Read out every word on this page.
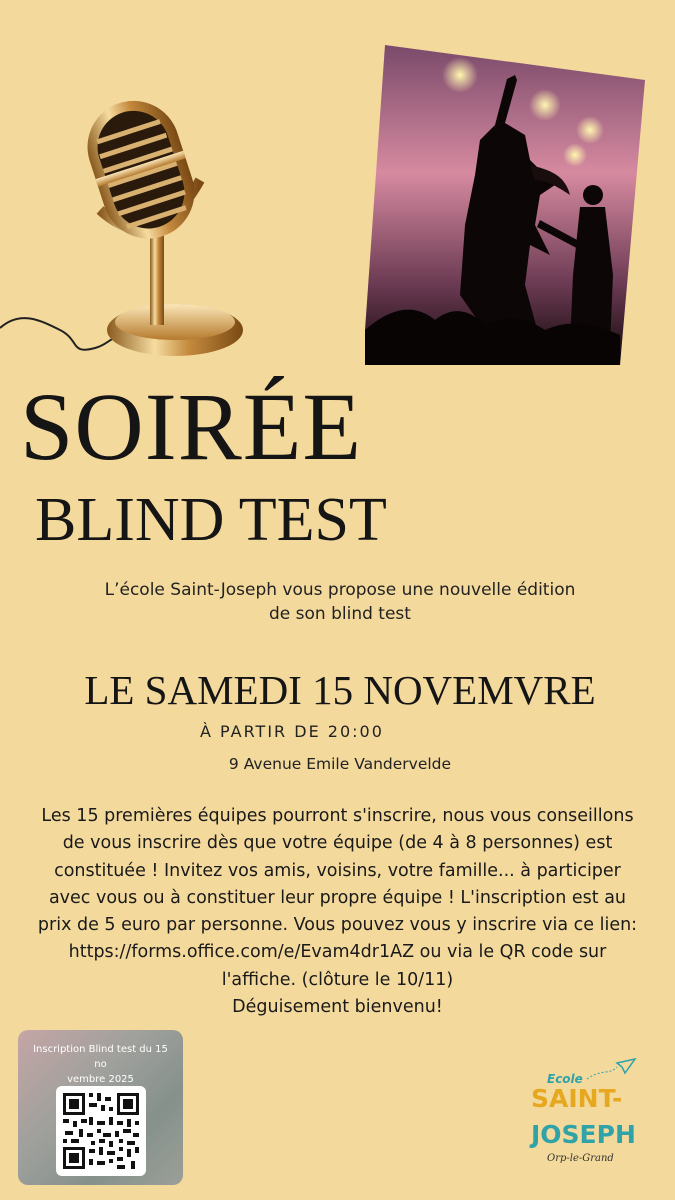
SOIRÉE
BLIND TEST
L’école Saint-Joseph vous propose une nouvelle édition
de son blind test
LE SAMEDI 15 NOVEMVRE
À PARTIR DE 20:00
9 Avenue Emile Vandervelde
Les 15 premières équipes pourront s'inscrire, nous vous conseillons
de vous inscrire dès que votre équipe (de 4 à 8 personnes) est
constituée ! Invitez vos amis, voisins, votre famille... à participer
avec vous ou à constituer leur propre équipe ! L'inscription est au
prix de 5 euro par personne. Vous pouvez vous y inscrire via ce lien:
https://forms.office.com/e/Evam4dr1AZ ou via le QR code sur
l'affiche. (clôture le 10/11)
Déguisement bienvenu!
Inscription Blind test du 15 no
vembre 2025	Ecole
SAINT-
JOSEPH
Orp-le-Grand
